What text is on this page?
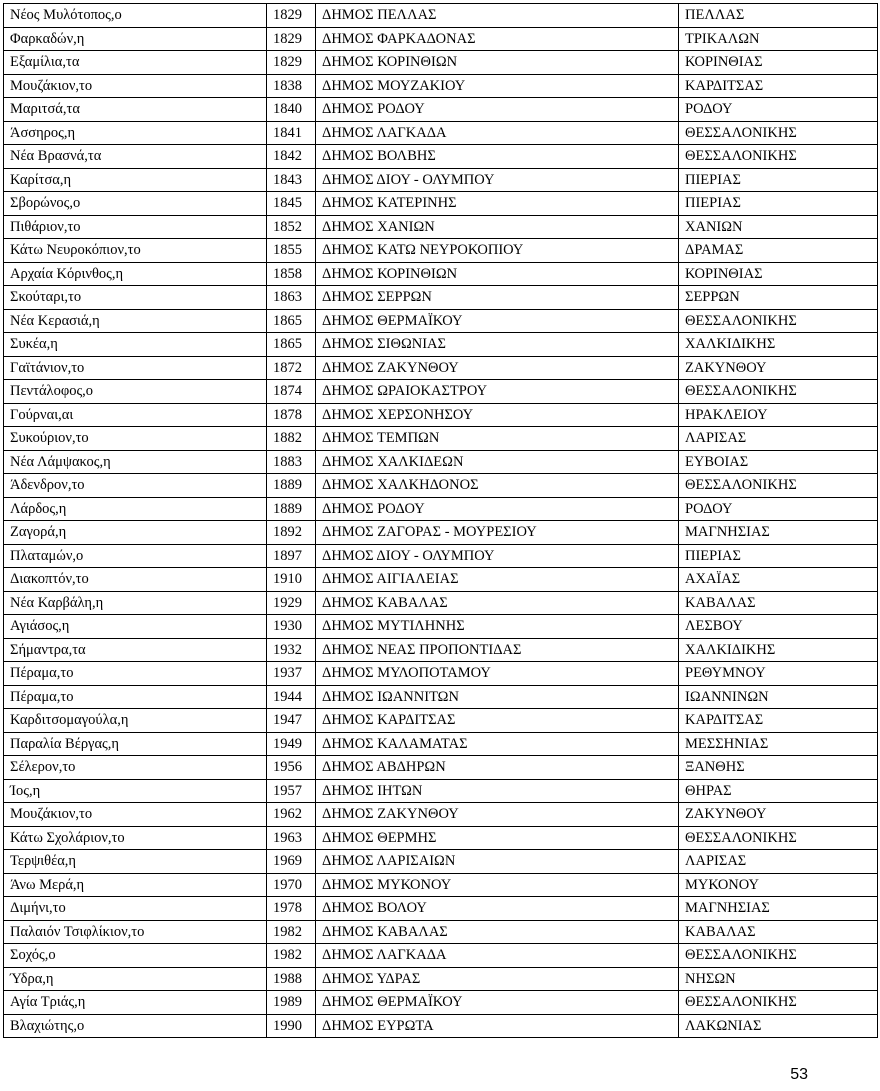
Νέος Μυλότοπος,ο	1829	ΔΗΜΟΣ ΠΕΛΛΑΣ	ΠΕΛΛΑΣ
Φαρκαδών,η	1829	ΔΗΜΟΣ ΦΑΡΚΑΔΟΝΑΣ	ΤΡΙΚΑΛΩΝ
Εξαμίλια,τα	1829	ΔΗΜΟΣ ΚΟΡΙΝΘΙΩΝ	ΚΟΡΙΝΘΙΑΣ
Μουζάκιον,το	1838	ΔΗΜΟΣ ΜΟΥΖΑΚΙΟΥ	ΚΑΡΔΙΤΣΑΣ
Μαριτσά,τα	1840	ΔΗΜΟΣ ΡΟΔΟΥ	ΡΟΔΟΥ
Άσσηρος,η	1841	ΔΗΜΟΣ ΛΑΓΚΑΔΑ	ΘΕΣΣΑΛΟΝΙΚΗΣ
Νέα Βρασνά,τα	1842	ΔΗΜΟΣ ΒΟΛΒΗΣ	ΘΕΣΣΑΛΟΝΙΚΗΣ
Καρίτσα,η	1843	ΔΗΜΟΣ ΔΙΟΥ - ΟΛΥΜΠΟΥ	ΠΙΕΡΙΑΣ
Σβορώνος,ο	1845	ΔΗΜΟΣ ΚΑΤΕΡΙΝΗΣ	ΠΙΕΡΙΑΣ
Πιθάριον,το	1852	ΔΗΜΟΣ ΧΑΝΙΩΝ	ΧΑΝΙΩΝ
Κάτω Νευροκόπιον,το	1855	ΔΗΜΟΣ ΚΑΤΩ ΝΕΥΡΟΚΟΠΙΟΥ	ΔΡΑΜΑΣ
Αρχαία Κόρινθος,η	1858	ΔΗΜΟΣ ΚΟΡΙΝΘΙΩΝ	ΚΟΡΙΝΘΙΑΣ
Σκούταρι,το	1863	ΔΗΜΟΣ ΣΕΡΡΩΝ	ΣΕΡΡΩΝ
Νέα Κερασιά,η	1865	ΔΗΜΟΣ ΘΕΡΜΑΪΚΟΥ	ΘΕΣΣΑΛΟΝΙΚΗΣ
Συκέα,η	1865	ΔΗΜΟΣ ΣΙΘΩΝΙΑΣ	ΧΑΛΚΙΔΙΚΗΣ
Γαϊτάνιον,το	1872	ΔΗΜΟΣ ΖΑΚΥΝΘΟΥ	ΖΑΚΥΝΘΟΥ
Πεντάλοφος,ο	1874	ΔΗΜΟΣ ΩΡΑΙΟΚΑΣΤΡΟΥ	ΘΕΣΣΑΛΟΝΙΚΗΣ
Γούρναι,αι	1878	ΔΗΜΟΣ ΧΕΡΣΟΝΗΣΟΥ	ΗΡΑΚΛΕΙΟΥ
Συκούριον,το	1882	ΔΗΜΟΣ ΤΕΜΠΩΝ	ΛΑΡΙΣΑΣ
Νέα Λάμψακος,η	1883	ΔΗΜΟΣ ΧΑΛΚΙΔΕΩΝ	ΕΥΒΟΙΑΣ
Άδενδρον,το	1889	ΔΗΜΟΣ ΧΑΛΚΗΔΟΝΟΣ	ΘΕΣΣΑΛΟΝΙΚΗΣ
Λάρδος,η	1889	ΔΗΜΟΣ ΡΟΔΟΥ	ΡΟΔΟΥ
Ζαγορά,η	1892	ΔΗΜΟΣ ΖΑΓΟΡΑΣ - ΜΟΥΡΕΣΙΟΥ	ΜΑΓΝΗΣΙΑΣ
Πλαταμών,ο	1897	ΔΗΜΟΣ ΔΙΟΥ - ΟΛΥΜΠΟΥ	ΠΙΕΡΙΑΣ
Διακοπτόν,το	1910	ΔΗΜΟΣ ΑΙΓΙΑΛΕΙΑΣ	ΑΧΑΪΑΣ
Νέα Καρβάλη,η	1929	ΔΗΜΟΣ ΚΑΒΑΛΑΣ	ΚΑΒΑΛΑΣ
Αγιάσος,η	1930	ΔΗΜΟΣ ΜΥΤΙΛΗΝΗΣ	ΛΕΣΒΟΥ
Σήμαντρα,τα	1932	ΔΗΜΟΣ ΝΕΑΣ ΠΡΟΠΟΝΤΙΔΑΣ	ΧΑΛΚΙΔΙΚΗΣ
Πέραμα,το	1937	ΔΗΜΟΣ ΜΥΛΟΠΟΤΑΜΟΥ	ΡΕΘΥΜΝΟΥ
Πέραμα,το	1944	ΔΗΜΟΣ ΙΩΑΝΝΙΤΩΝ	ΙΩΑΝΝΙΝΩΝ
Καρδιτσομαγούλα,η	1947	ΔΗΜΟΣ ΚΑΡΔΙΤΣΑΣ	ΚΑΡΔΙΤΣΑΣ
Παραλία Βέργας,η	1949	ΔΗΜΟΣ ΚΑΛΑΜΑΤΑΣ	ΜΕΣΣΗΝΙΑΣ
Σέλερον,το	1956	ΔΗΜΟΣ ΑΒΔΗΡΩΝ	ΞΑΝΘΗΣ
Ίος,η	1957	ΔΗΜΟΣ ΙΗΤΩΝ	ΘΗΡΑΣ
Μουζάκιον,το	1962	ΔΗΜΟΣ ΖΑΚΥΝΘΟΥ	ΖΑΚΥΝΘΟΥ
Κάτω Σχολάριον,το	1963	ΔΗΜΟΣ ΘΕΡΜΗΣ	ΘΕΣΣΑΛΟΝΙΚΗΣ
Τερψιθέα,η	1969	ΔΗΜΟΣ ΛΑΡΙΣΑΙΩΝ	ΛΑΡΙΣΑΣ
Άνω Μερά,η	1970	ΔΗΜΟΣ ΜΥΚΟΝΟΥ	ΜΥΚΟΝΟΥ
Διμήνι,το	1978	ΔΗΜΟΣ ΒΟΛΟΥ	ΜΑΓΝΗΣΙΑΣ
Παλαιόν Τσιφλίκιον,το	1982	ΔΗΜΟΣ ΚΑΒΑΛΑΣ	ΚΑΒΑΛΑΣ
Σοχός,ο	1982	ΔΗΜΟΣ ΛΑΓΚΑΔΑ	ΘΕΣΣΑΛΟΝΙΚΗΣ
Ύδρα,η	1988	ΔΗΜΟΣ ΥΔΡΑΣ	ΝΗΣΩΝ
Αγία Τριάς,η	1989	ΔΗΜΟΣ ΘΕΡΜΑΪΚΟΥ	ΘΕΣΣΑΛΟΝΙΚΗΣ
Βλαχιώτης,ο	1990	ΔΗΜΟΣ ΕΥΡΩΤΑ	ΛΑΚΩΝΙΑΣ
53
